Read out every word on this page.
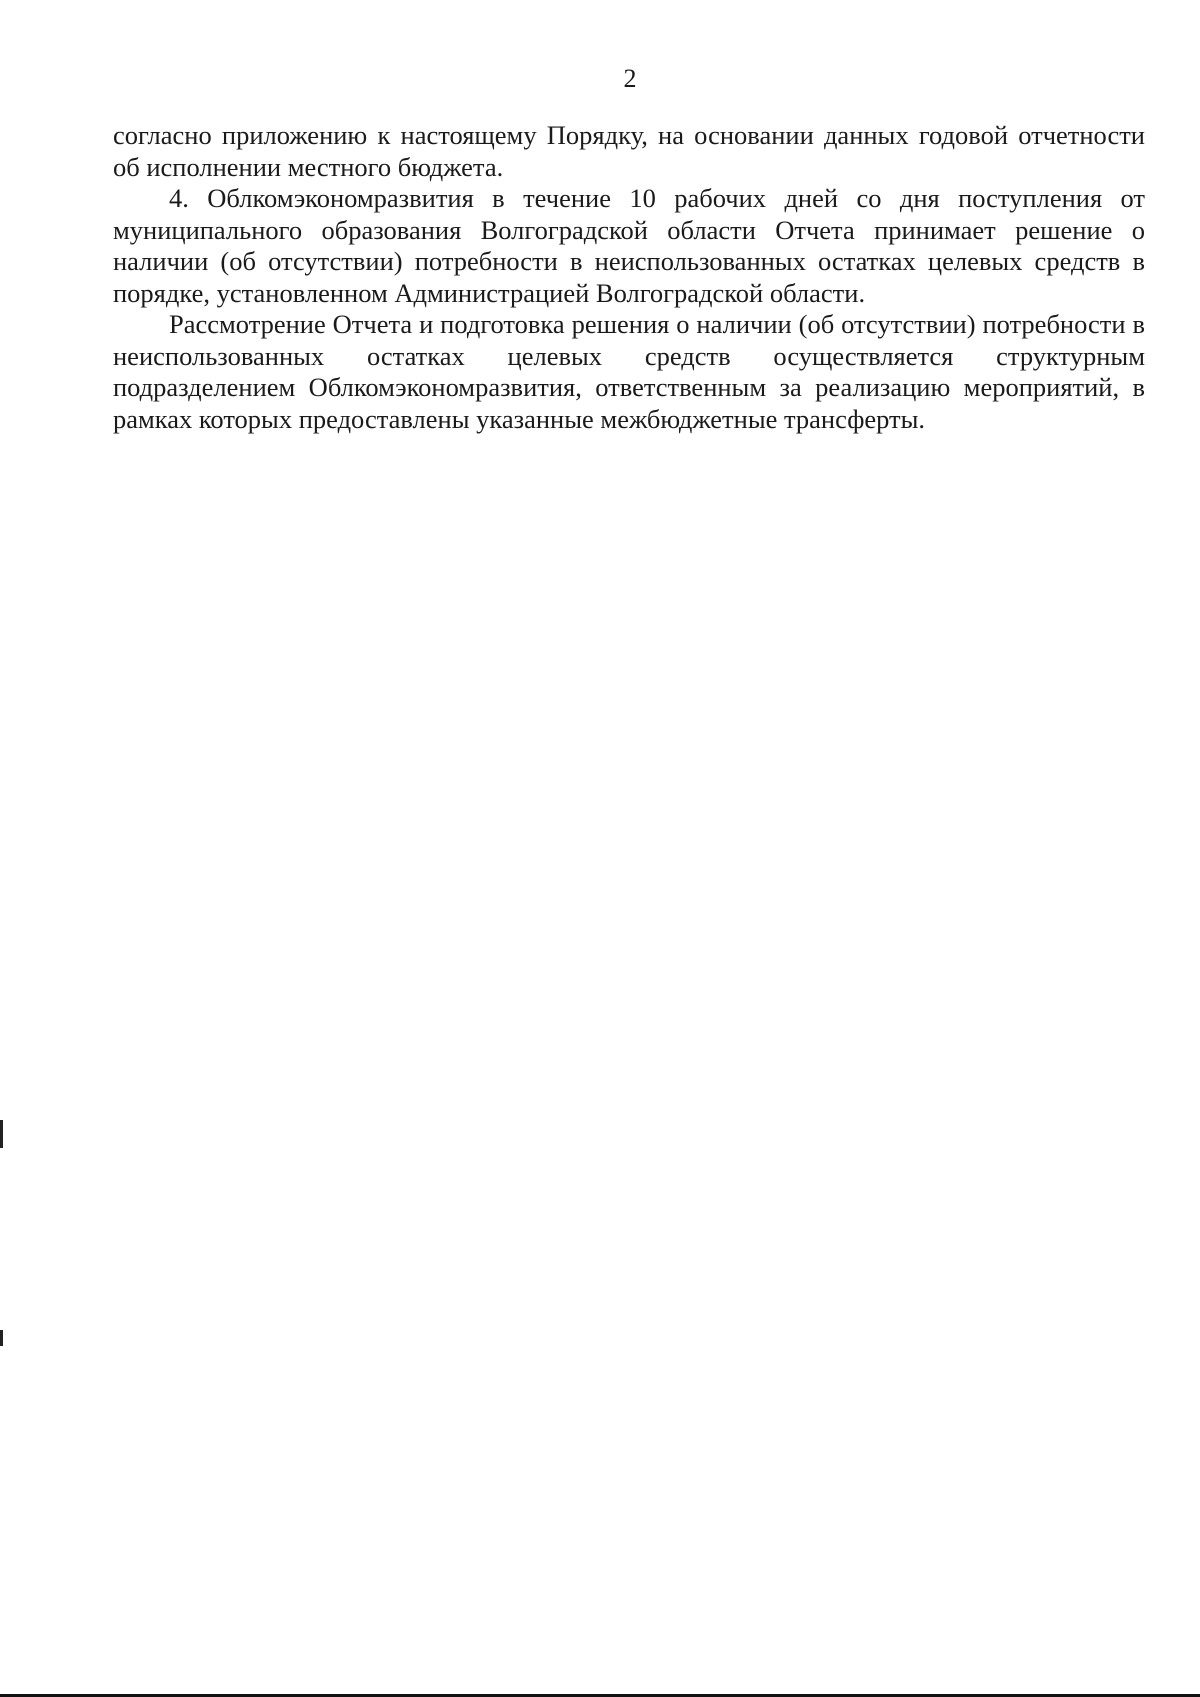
2

согласно приложению к настоящему Порядку, на основании данных годовой отчетности об исполнении местного бюджета.

4. Облкомэкономразвития в течение 10 рабочих дней со дня поступления от муниципального образования Волгоградской области Отчета принимает решение о наличии (об отсутствии) потребности в неиспользованных остатках целевых средств в порядке, установленном Администрацией Волгоградской области.

Рассмотрение Отчета и подготовка решения о наличии (об отсутствии) потребности в неиспользованных остатках целевых средств осуществляется структурным подразделением Облкомэкономразвития, ответственным за реализацию мероприятий, в рамках которых предоставлены указанные межбюджетные трансферты.
